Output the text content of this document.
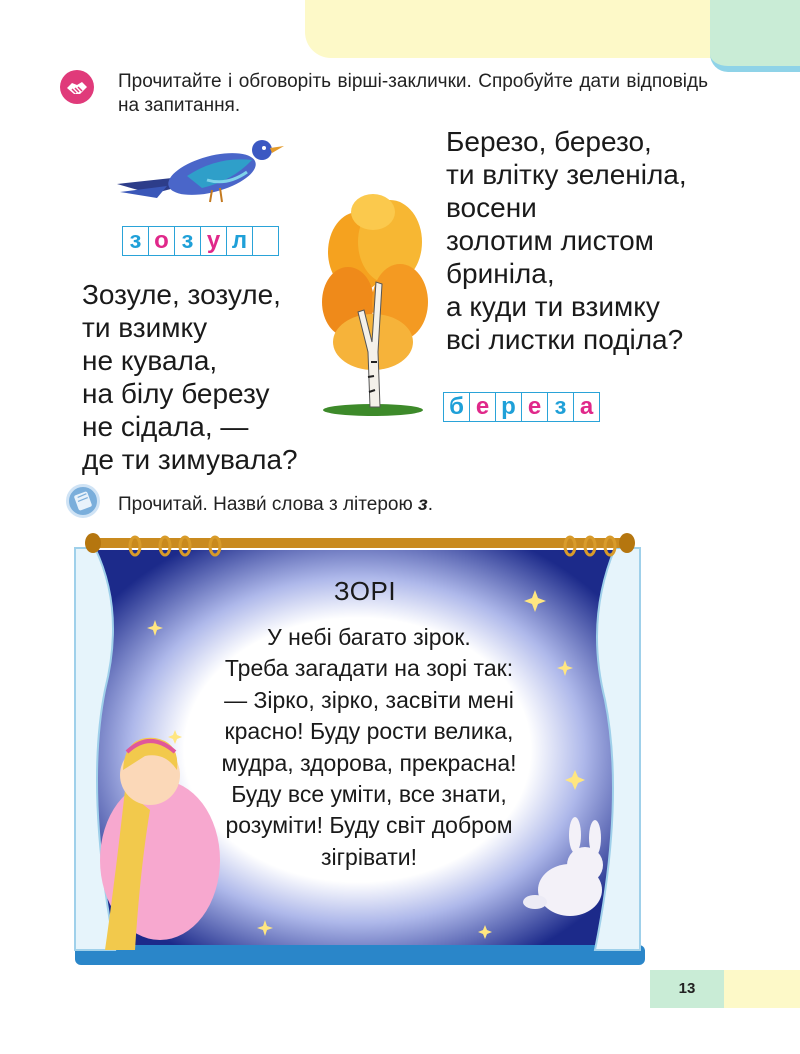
Прочитайте і обговоріть вірші-заклички. Спробуйте дати відповідь на запитання.
з о з у л
Зозуле, зозуле,
ти взимку
не кувала,
на білу березу
не сідала, —
де ти зимувала?
Березо, березо,
ти влітку зеленіла,
восени
золотим листом
бриніла,
а куди ти взимку
всі листки поділа?
б е р е з а
Прочитай. Назви́ слова з літерою з.
ЗОРІ
У небі багато зірок.
Треба загадати на зорі так:
— Зірко, зірко, засвіти мені
красно! Буду рости велика,
мудра, здорова, прекрасна!
Буду все уміти, все знати,
розуміти! Буду світ добром
зігрівати!
13
